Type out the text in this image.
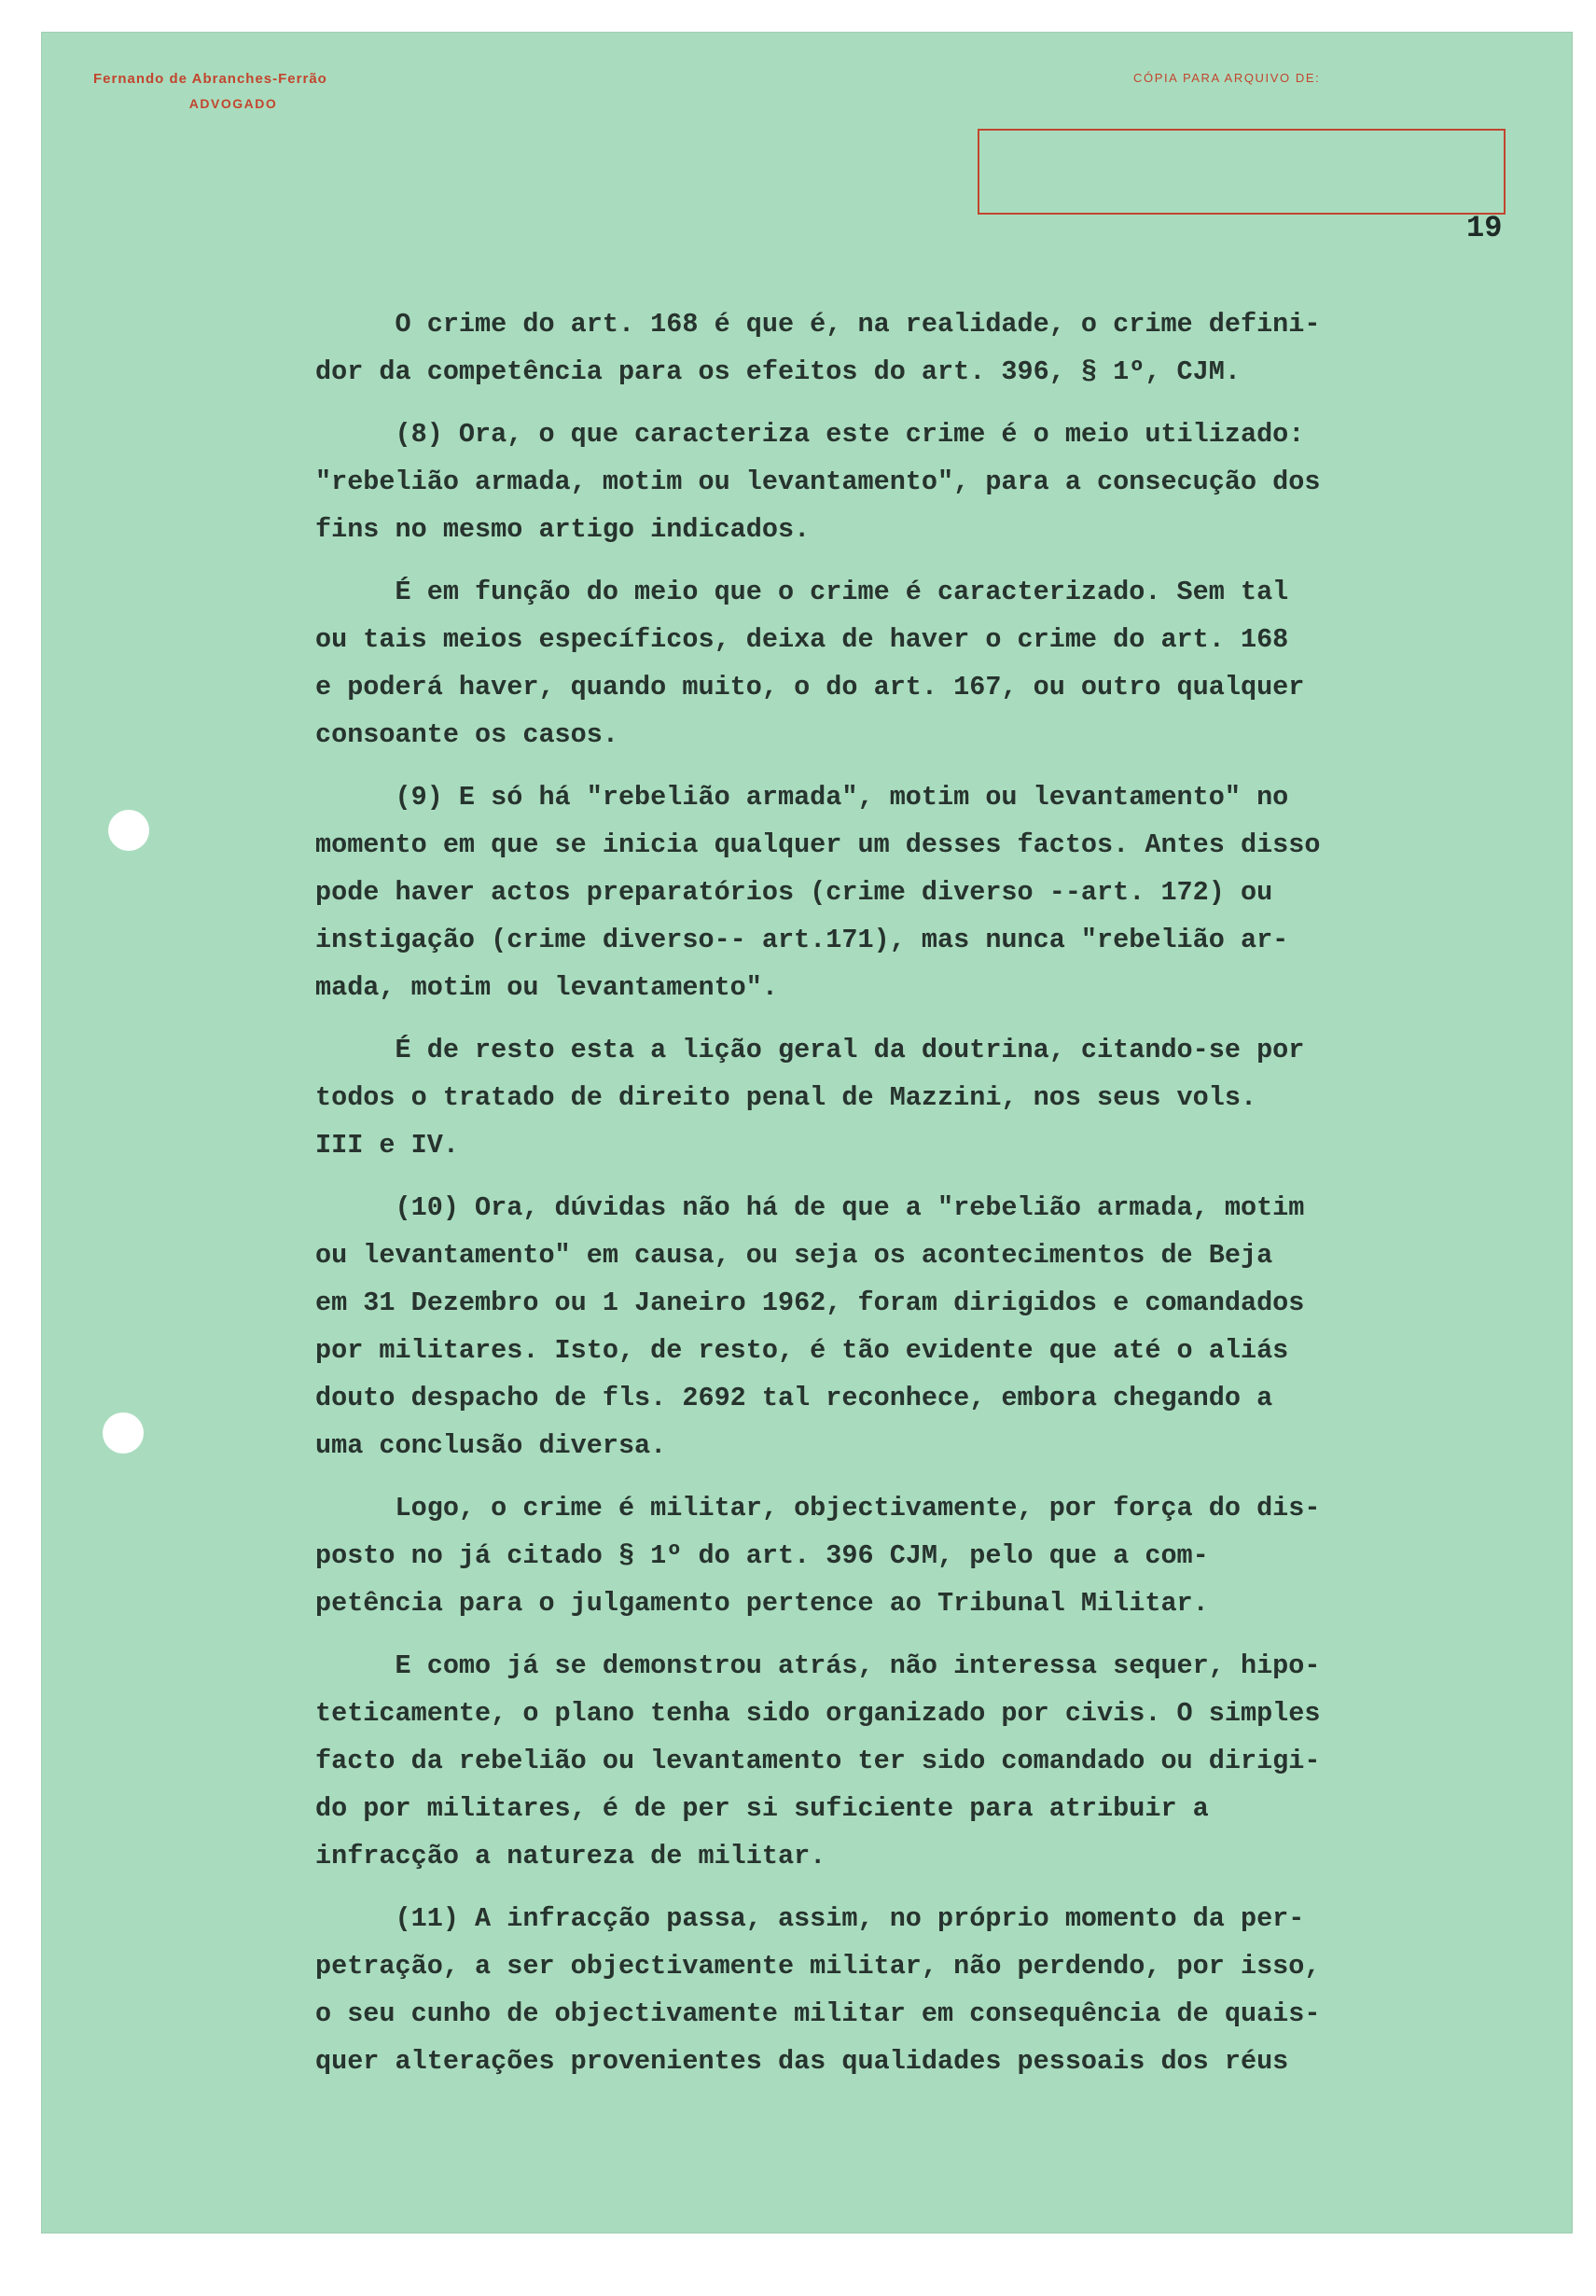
Fernando de Abranches-Ferrão
ADVOGADO
CÓPIA PARA ARQUIVO DE:
19

O crime do art. 168 é que é, na realidade, o crime defini-
dor da competência para os efeitos do art. 396, § 1º, CJM.

(8) Ora, o que caracteriza este crime é o meio utilizado:
"rebelião armada, motim ou levantamento", para a consecução dos
fins no mesmo artigo indicados.

É em função do meio que o crime é caracterizado. Sem tal
ou tais meios específicos, deixa de haver o crime do art. 168
e poderá haver, quando muito, o do art. 167, ou outro qualquer
consoante os casos.

(9) E só há "rebelião armada", motim ou levantamento" no
momento em que se inicia qualquer um desses factos. Antes disso
pode haver actos preparatórios (crime diverso --art. 172) ou
instigação (crime diverso-- art.171), mas nunca "rebelião ar-
mada, motim ou levantamento".

É de resto esta a lição geral da doutrina, citando-se por
todos o tratado de direito penal de Mazzini, nos seus vols.
III e IV.

(10) Ora, dúvidas não há de que a "rebelião armada, motim
ou levantamento" em causa, ou seja os acontecimentos de Beja
em 31 Dezembro ou 1 Janeiro 1962, foram dirigidos e comandados
por militares. Isto, de resto, é tão evidente que até o aliás
douto despacho de fls. 2692 tal reconhece, embora chegando a
uma conclusão diversa.

Logo, o crime é militar, objectivamente, por força do dis-
posto no já citado § 1º do art. 396 CJM, pelo que a com-
petência para o julgamento pertence ao Tribunal Militar.

E como já se demonstrou atrás, não interessa sequer, hipo-
teticamente, o plano tenha sido organizado por civis. O simples
facto da rebelião ou levantamento ter sido comandado ou dirigi-
do por militares, é de per si suficiente para atribuir a
infracção a natureza de militar.

(11) A infracção passa, assim, no próprio momento da per-
petração, a ser objectivamente militar, não perdendo, por isso,
o seu cunho de objectivamente militar em consequência de quais-
quer alterações provenientes das qualidades pessoais dos réus
